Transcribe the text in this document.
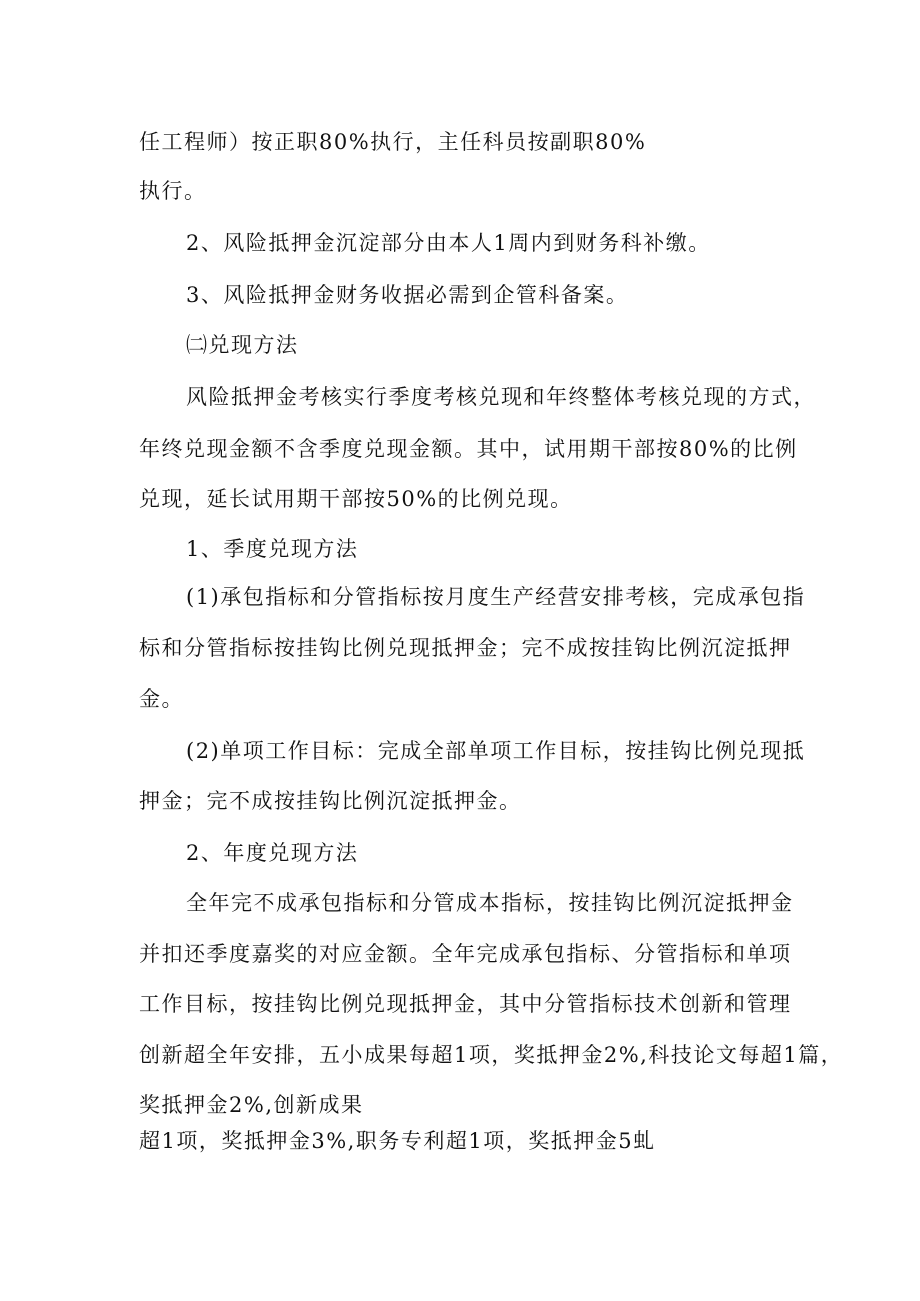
任工程师）按正职80%执行，主任科员按副职80%
执行。
2、风险抵押金沉淀部分由本人1周内到财务科补缴。
3、风险抵押金财务收据必需到企管科备案。
㈡兑现方法
风险抵押金考核实行季度考核兑现和年终整体考核兑现的方式，
年终兑现金额不含季度兑现金额。其中，试用期干部按80%的比例
兑现，延长试用期干部按50%的比例兑现。
1、季度兑现方法
(1)承包指标和分管指标按月度生产经营安排考核，完成承包指
标和分管指标按挂钩比例兑现抵押金；完不成按挂钩比例沉淀抵押
金。
(2)单项工作目标：完成全部单项工作目标，按挂钩比例兑现抵
押金；完不成按挂钩比例沉淀抵押金。
2、年度兑现方法
全年完不成承包指标和分管成本指标，按挂钩比例沉淀抵押金
并扣还季度嘉奖的对应金额。全年完成承包指标、分管指标和单项
工作目标，按挂钩比例兑现抵押金，其中分管指标技术创新和管理
创新超全年安排，五小成果每超1项，奖抵押金2%,科技论文每超1篇，
奖抵押金2%,创新成果
超1项，奖抵押金3%,职务专利超1项，奖抵押金5虬
